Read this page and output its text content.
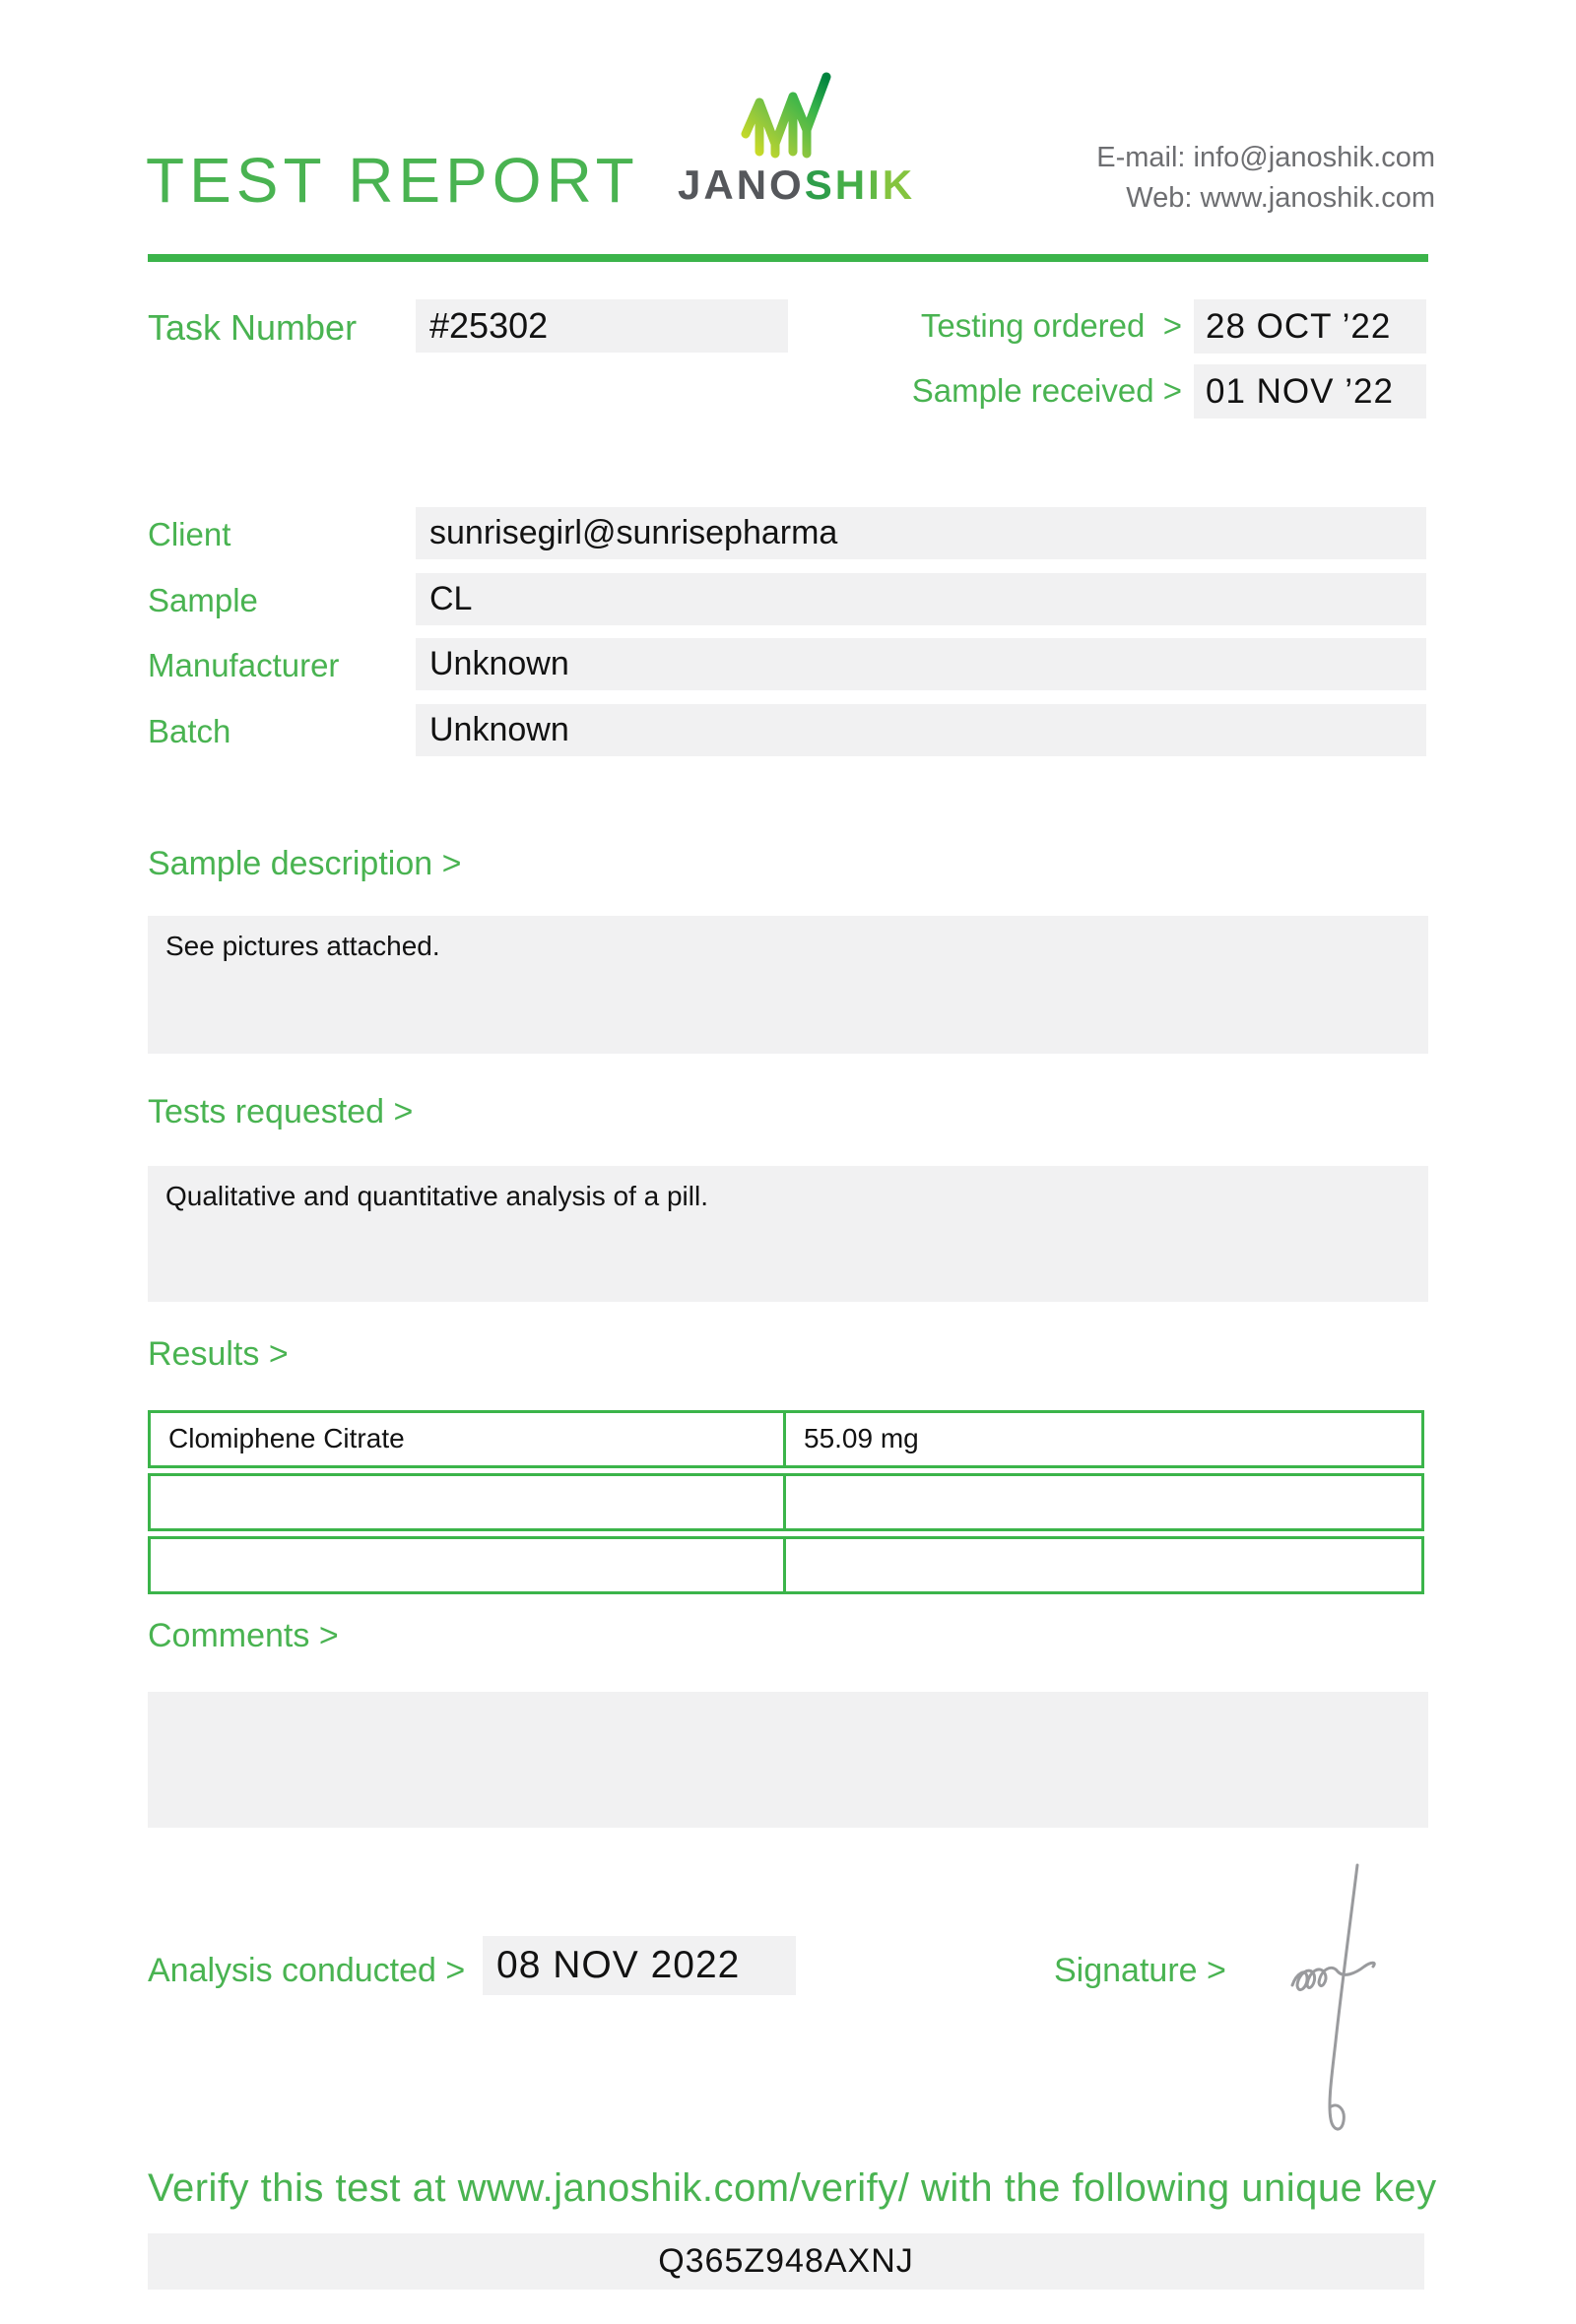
TEST REPORT JANOSHIK
E-mail: info@janoshik.com
Web: www.janoshik.com
Task Number	#25302	Testing ordered > 28 OCT ’22
Sample received > 01 NOV ’22
Client	sunrisegirl@sunrisepharma
Sample	CL
Manufacturer	Unknown
Batch	Unknown
Sample description >
See pictures attached.
Tests requested >
Qualitative and quantitative analysis of a pill.
Results >
Clomiphene Citrate	55.09 mg
Comments >
Analysis conducted > 08 NOV 2022	Signature >
Verify this test at www.janoshik.com/verify/ with the following unique key
Q365Z948AXNJ
